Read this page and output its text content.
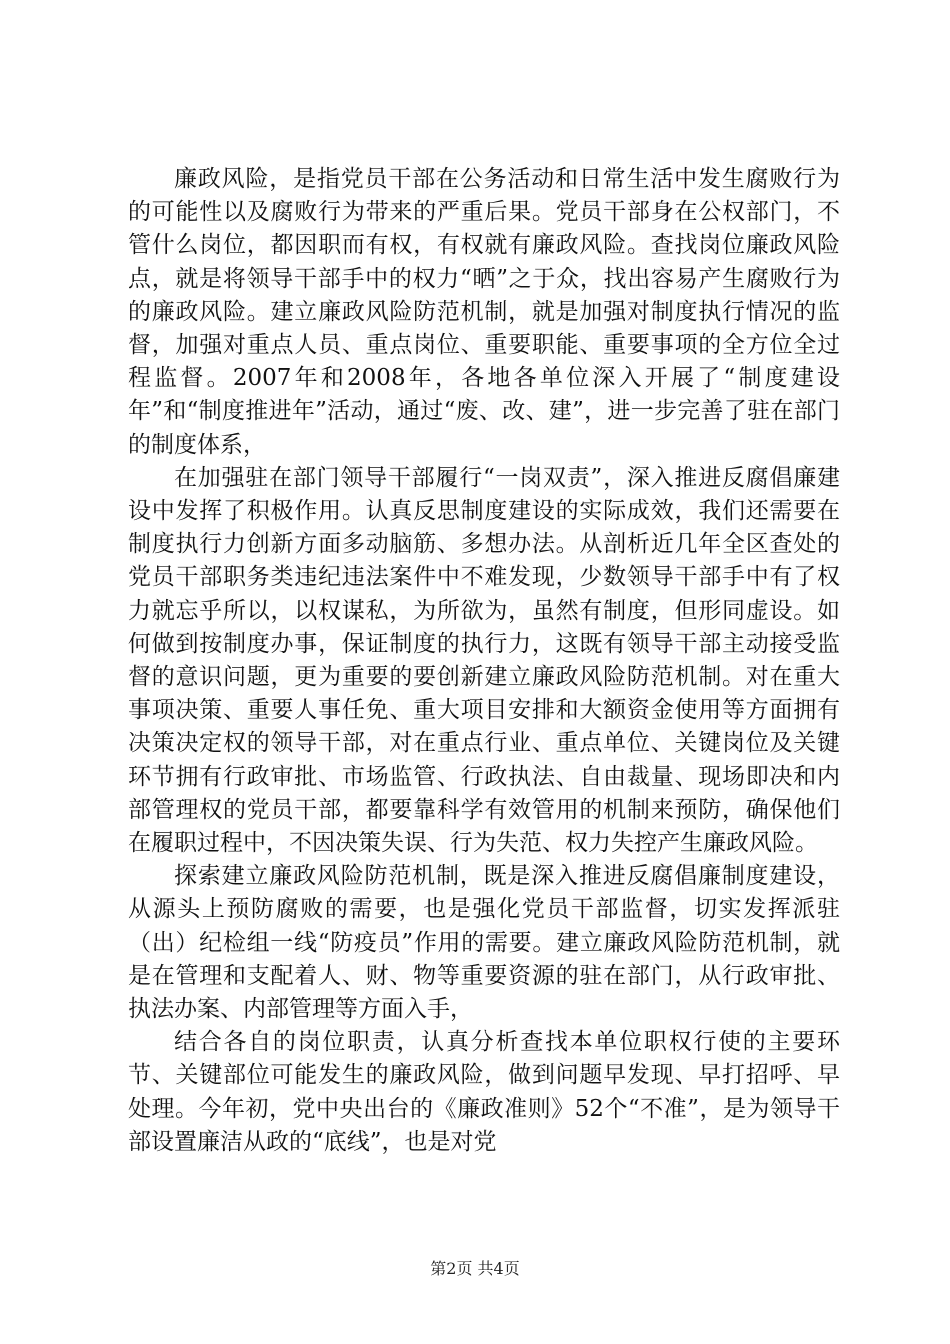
廉政风险，是指党员干部在公务活动和日常生活中发生腐败行为的可能性以及腐败行为带来的严重后果。党员干部身在公权部门，不管什么岗位，都因职而有权，有权就有廉政风险。查找岗位廉政风险点，就是将领导干部手中的权力“晒”之于众，找出容易产生腐败行为的廉政风险。建立廉政风险防范机制，就是加强对制度执行情况的监督，加强对重点人员、重点岗位、重要职能、重要事项的全方位全过程监督。2007年和2008年，各地各单位深入开展了“制度建设年”和“制度推进年”活动，通过“废、改、建”，进一步完善了驻在部门的制度体系，

在加强驻在部门领导干部履行“一岗双责”，深入推进反腐倡廉建设中发挥了积极作用。认真反思制度建设的实际成效，我们还需要在制度执行力创新方面多动脑筋、多想办法。从剖析近几年全区查处的党员干部职务类违纪违法案件中不难发现，少数领导干部手中有了权力就忘乎所以，以权谋私，为所欲为，虽然有制度，但形同虚设。如何做到按制度办事，保证制度的执行力，这既有领导干部主动接受监督的意识问题，更为重要的要创新建立廉政风险防范机制。对在重大事项决策、重要人事任免、重大项目安排和大额资金使用等方面拥有决策决定权的领导干部，对在重点行业、重点单位、关键岗位及关键环节拥有行政审批、市场监管、行政执法、自由裁量、现场即决和内部管理权的党员干部，都要靠科学有效管用的机制来预防，确保他们在履职过程中，不因决策失误、行为失范、权力失控产生廉政风险。

探索建立廉政风险防范机制，既是深入推进反腐倡廉制度建设，从源头上预防腐败的需要，也是强化党员干部监督，切实发挥派驻（出）纪检组一线“防疫员”作用的需要。建立廉政风险防范机制，就是在管理和支配着人、财、物等重要资源的驻在部门，从行政审批、执法办案、内部管理等方面入手，

结合各自的岗位职责，认真分析查找本单位职权行使的主要环节、关键部位可能发生的廉政风险，做到问题早发现、早打招呼、早处理。今年初，党中央出台的《廉政准则》52个“不准”，是为领导干部设置廉洁从政的“底线”，也是对党

第2页 共4页
